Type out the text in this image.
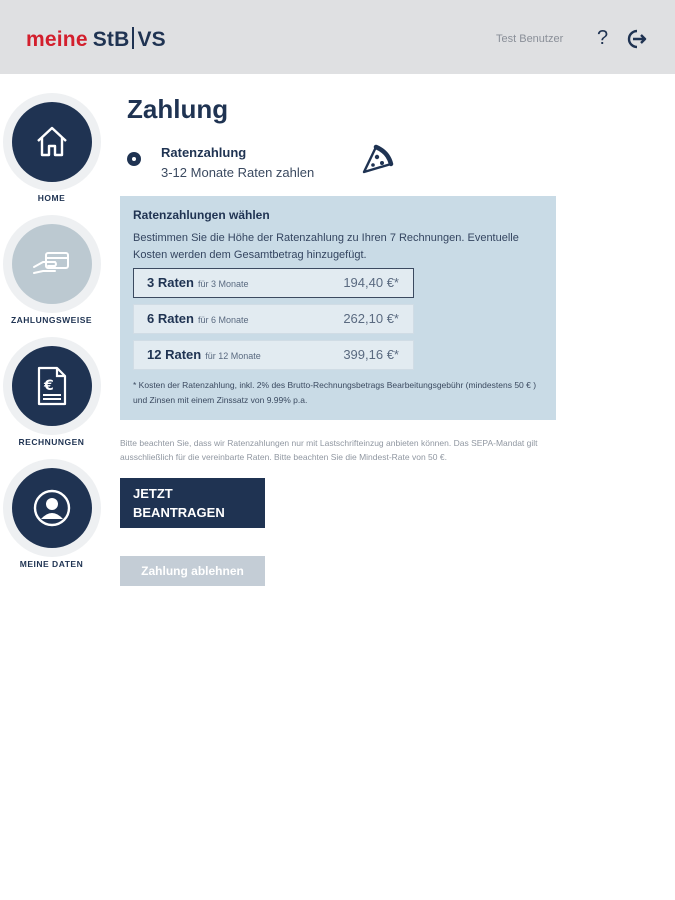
meine StB VS	Test Benutzer ?
HOME
ZAHLUNGSWEISE
€
RECHNUNGEN
MEINE DATEN
Zahlung
Ratenzahlung
3-12 Monate Raten zahlen
Ratenzahlungen wählen
Bestimmen Sie die Höhe der Ratenzahlung zu Ihren 7 Rechnungen. Eventuelle Kosten werden dem Gesamtbetrag hinzugefügt.
3 Raten für 3 Monate	194,40 €*
6 Raten für 6 Monate	262,10 €*
12 Raten für 12 Monate	399,16 €*
* Kosten der Ratenzahlung, inkl. 2% des Brutto-Rechnungsbetrags Bearbeitungsgebühr (mindestens 50 € ) und Zinsen mit einem Zinssatz von 9.99% p.a.
Bitte beachten Sie, dass wir Ratenzahlungen nur mit Lastschrifteinzug anbieten können. Das SEPA-Mandat gilt ausschließlich für die vereinbarte Raten. Bitte beachten Sie die Mindest-Rate von 50 €.
JETZT BEANTRAGEN
Zahlung ablehnen
